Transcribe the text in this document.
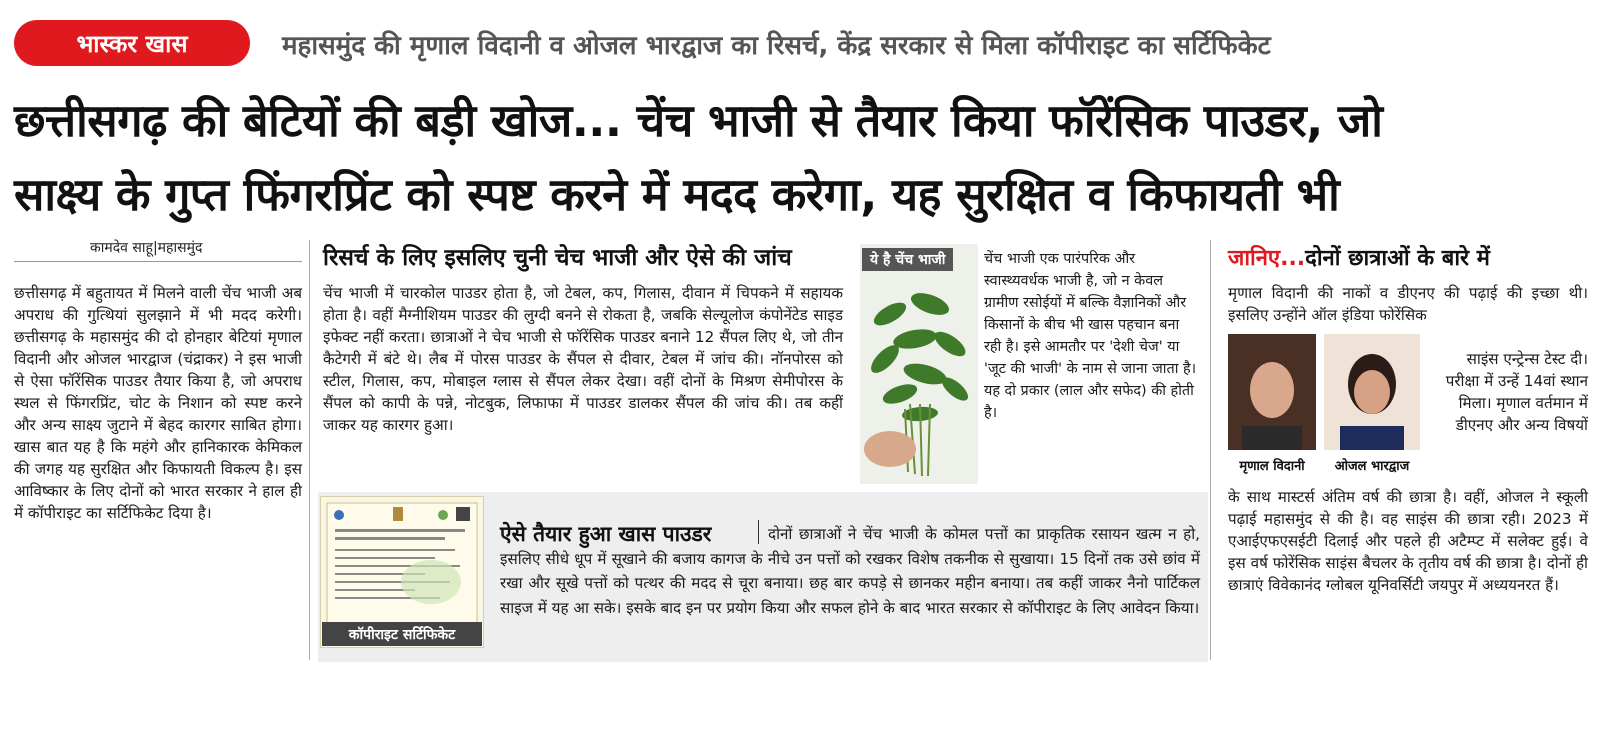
भास्कर खास	महासमुंद की मृणाल विदानी व ओजल भारद्वाज का रिसर्च, केंद्र सरकार से मिला कॉपीराइट का सर्टिफिकेट
छत्तीसगढ़ की बेटियों की बड़ी खोज... चेंच भाजी से तैयार किया फॉरेंसिक पाउडर, जो
साक्ष्य के गुप्त फिंगरप्रिंट को स्पष्ट करने में मदद करेगा, यह सुरक्षित व किफायती भी
कामदेव साहू|महासमुंद
छत्तीसगढ़ में बहुतायत में मिलने वाली चेंच भाजी अब अपराध की गुत्थियां सुलझाने में भी मदद करेगी। छत्तीसगढ़ के महासमुंद की दो होनहार बेटियां मृणाल विदानी और ओजल भारद्वाज (चंद्राकर) ने इस भाजी से ऐसा फॉरेंसिक पाउडर तैयार किया है, जो अपराध स्थल से फिंगरप्रिंट, चोट के निशान को स्पष्ट करने और अन्य साक्ष्य जुटाने में बेहद कारगर साबित होगा। खास बात यह है कि महंगे और हानिकारक केमिकल की जगह यह सुरक्षित और किफायती विकल्प है। इस आविष्कार के लिए दोनों को भारत सरकार ने हाल ही में कॉपीराइट का सर्टिफिकेट दिया है।
रिसर्च के लिए इसलिए चुनी चेच भाजी और ऐसे की जांच
चेंच भाजी में चारकोल पाउडर होता है, जो टेबल, कप, गिलास, दीवान में चिपकने में सहायक होता है। वहीं मैग्नीशियम पाउडर की लुग्दी बनने से रोकता है, जबकि सेल्यूलोज कंपोनेंटेड साइड इफेक्ट नहीं करता। छात्राओं ने चेच भाजी से फॉरेंसिक पाउडर बनाने 12 सैंपल लिए थे, जो तीन कैटेगरी में बंटे थे। लैब में पोरस पाउडर के सैंपल से दीवार, टेबल में जांच की। नॉनपोरस को स्टील, गिलास, कप, मोबाइल ग्लास से सैंपल लेकर देखा। वहीं दोनों के मिश्रण सेमीपोरस के सैंपल को कापी के पन्ने, नोटबुक, लिफाफा में पाउडर डालकर सैंपल की जांच की। तब कहीं जाकर यह कारगर हुआ।
ये है चेंच भाजी	चेंच भाजी एक पारंपरिक और स्वास्थ्यवर्धक भाजी है, जो न केवल ग्रामीण रसोईयों में बल्कि वैज्ञानिकों और किसानों के बीच भी खास पहचान बना रही है। इसे आमतौर पर 'देशी चेज' या 'जूट की भाजी' के नाम से जाना जाता है। यह दो प्रकार (लाल और सफेद) की होती है।
कॉपीराइट सर्टिफिकेट
ऐसे तैयार हुआ खास पाउडर	दोनों छात्राओं ने चेंच भाजी के कोमल पत्तों का प्राकृतिक रसायन खत्म न हो, इसलिए सीधे धूप में सूखाने की बजाय कागज के नीचे उन पत्तों को रखकर विशेष तकनीक से सुखाया। 15 दिनों तक उसे छांव में रखा और सूखे पत्तों को पत्थर की मदद से चूरा बनाया। छह बार कपड़े से छानकर महीन बनाया। तब कहीं जाकर नैनो पार्टिकल साइज में यह आ सके। इसके बाद इन पर प्रयोग किया और सफल होने के बाद भारत सरकार से कॉपीराइट के लिए आवेदन किया।
जानिए...दोनों छात्राओं के बारे में
मृणाल विदानी की नाकों व डीएनए की पढ़ाई की इच्छा थी। इसलिए उन्होंने ऑल इंडिया फोरेंसिक
मृणाल विदानी	ओजल भारद्वाज
साइंस एन्ट्रेन्स टेस्ट दी। परीक्षा में उन्हें 14वां स्थान मिला। मृणाल वर्तमान में डीएनए और अन्य विषयों
के साथ मास्टर्स अंतिम वर्ष की छात्रा है। वहीं, ओजल ने स्कूली पढ़ाई महासमुंद से की है। वह साइंस की छात्रा रही। 2023 में एआईएफएसईटी दिलाई और पहले ही अटैम्प्ट में सलेक्ट हुई। वे इस वर्ष फोरेंसिक साइंस बैचलर के तृतीय वर्ष की छात्रा है। दोनों ही छात्राएं विवेकानंद ग्लोबल यूनिवर्सिटी जयपुर में अध्ययनरत हैं।
